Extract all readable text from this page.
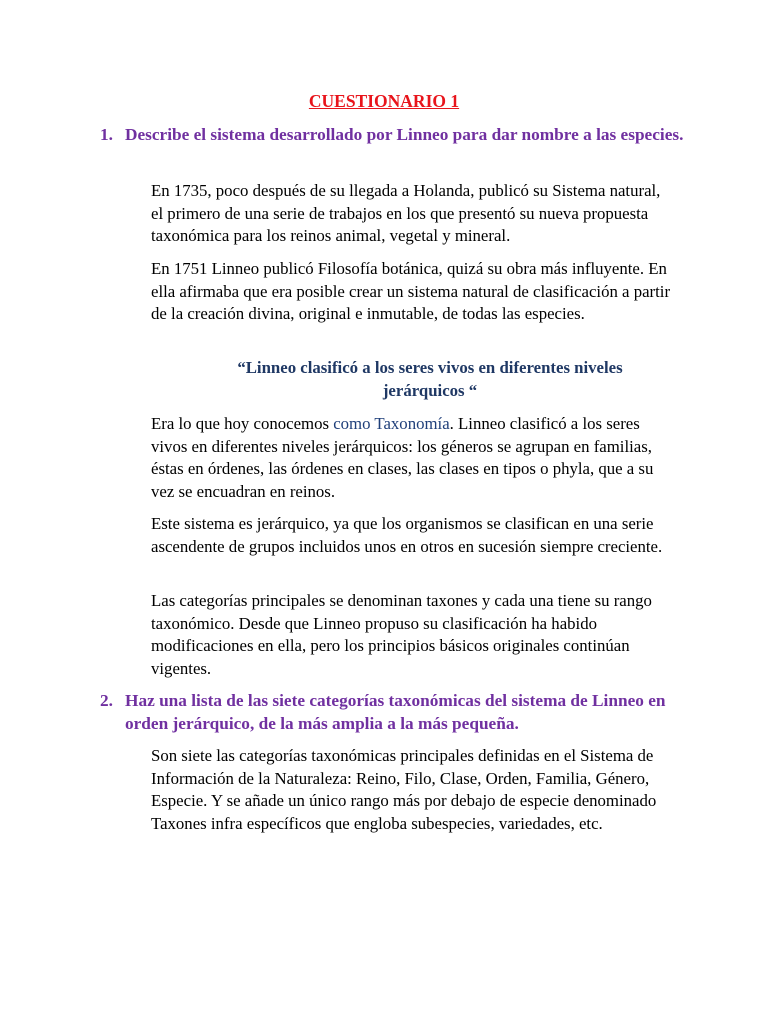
CUESTIONARIO 1
1. Describe el sistema desarrollado por Linneo para dar nombre a las especies.
En 1735, poco después de su llegada a Holanda, publicó su Sistema natural, el primero de una serie de trabajos en los que presentó su nueva propuesta taxonómica para los reinos animal, vegetal y mineral.
En 1751 Linneo publicó Filosofía botánica, quizá su obra más influyente. En ella afirmaba que era posible crear un sistema natural de clasificación a partir de la creación divina, original e inmutable, de todas las especies.
“Linneo clasificó a los seres vivos en diferentes niveles jerárquicos “
Era lo que hoy conocemos como Taxonomía. Linneo clasificó a los seres vivos en diferentes niveles jerárquicos: los géneros se agrupan en familias, éstas en órdenes, las órdenes en clases, las clases en tipos o phyla, que a su vez se encuadran en reinos.
Este sistema es jerárquico, ya que los organismos se clasifican en una serie ascendente de grupos incluidos unos en otros en sucesión siempre creciente.
Las categorías principales se denominan taxones y cada una tiene su rango taxonómico. Desde que Linneo propuso su clasificación ha habido modificaciones en ella, pero los principios básicos originales continúan vigentes.
2. Haz una lista de las siete categorías taxonómicas del sistema de Linneo en orden jerárquico, de la más amplia a la más pequeña.
Son siete las categorías taxonómicas principales definidas en el Sistema de Información de la Naturaleza: Reino, Filo, Clase, Orden, Familia, Género, Especie. Y se añade un único rango más por debajo de especie denominado Taxones infra específicos que engloba subespecies, variedades, etc.
